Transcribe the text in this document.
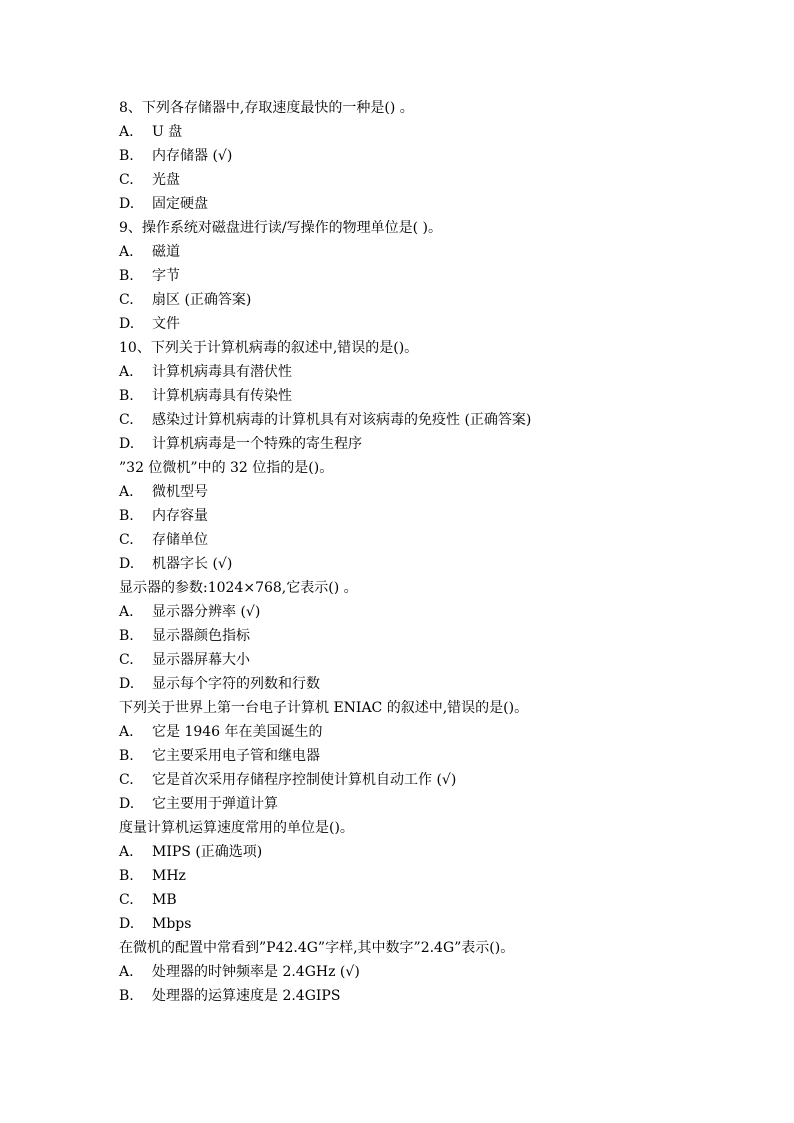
8、下列各存储器中,存取速度最快的一种是() 。
A.	U 盘
B.	内存储器 (√)
C.	光盘
D.	固定硬盘
9、操作系统对磁盘进行读/写操作的物理单位是( )。
A.	磁道
B.	字节
C.	扇区 (正确答案)
D.	文件
10、下列关于计算机病毒的叙述中,错误的是()。
A.	计算机病毒具有潜伏性
B.	计算机病毒具有传染性
C.	感染过计算机病毒的计算机具有对该病毒的免疫性 (正确答案)
D.	计算机病毒是一个特殊的寄生程序
”32 位微机”中的 32 位指的是()。
A.	微机型号
B.	内存容量
C.	存储单位
D.	机器字长 (√)
显示器的参数:1024×768,它表示() 。
A.	显示器分辨率 (√)
B.	显示器颜色指标
C.	显示器屏幕大小
D.	显示每个字符的列数和行数
下列关于世界上第一台电子计算机 ENIAC 的叙述中,错误的是()。
A.	它是 1946 年在美国诞生的
B.	它主要采用电子管和继电器
C.	它是首次采用存储程序控制使计算机自动工作 (√)
D.	它主要用于弹道计算
度量计算机运算速度常用的单位是()。
A.	MIPS (正确选项)
B.	MHz
C.	MB
D.	Mbps
在微机的配置中常看到”P42.4G”字样,其中数字”2.4G”表示()。
A.	处理器的时钟频率是 2.4GHz (√)
B.	处理器的运算速度是 2.4GIPS
